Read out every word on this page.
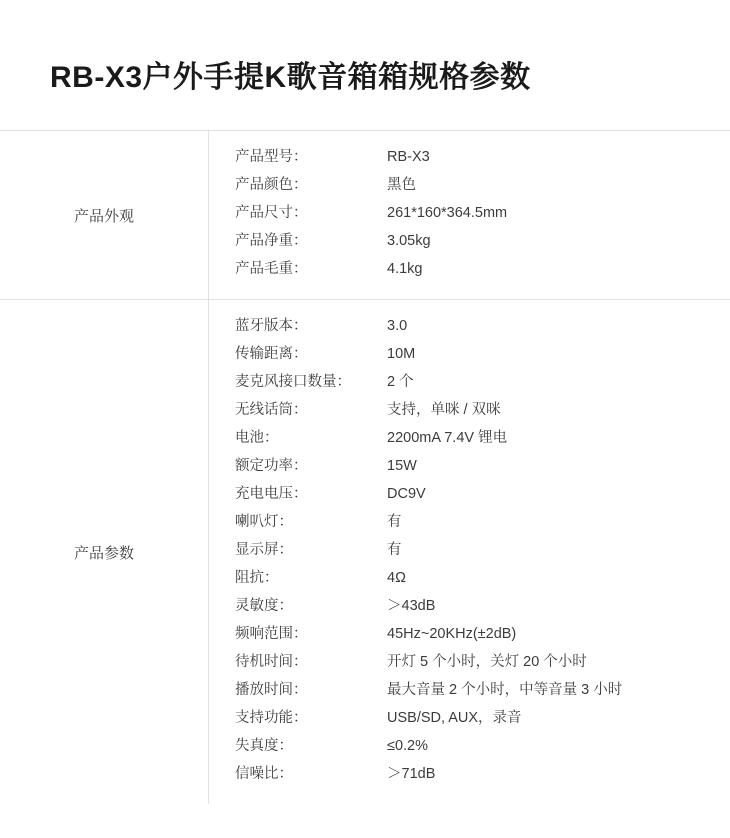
RB-X3户外手提K歌音箱箱规格参数
产品外观	
产品型号：	RB-X3
产品颜色：	黑色
产品尺寸：	261*160*364.5mm
产品净重：	3.05kg
产品毛重：	4.1kg

产品参数	
蓝牙版本：	3.0
传输距离：	10M
麦克风接口数量：	2 个
无线话筒：	支持，单咪 / 双咪
电池：	2200mA 7.4V 锂电
额定功率：	15W
充电电压：	DC9V
喇叭灯：	有
显示屏：	有
阻抗：	4Ω
灵敏度：	＞43dB
频响范围：	45Hz~20KHz(±2dB)
待机时间：	开灯 5 个小时，关灯 20 个小时
播放时间：	最大音量 2 个小时，中等音量 3 小时
支持功能：	USB/SD, AUX，录音
失真度：	≤0.2%
信噪比：	＞71dB
